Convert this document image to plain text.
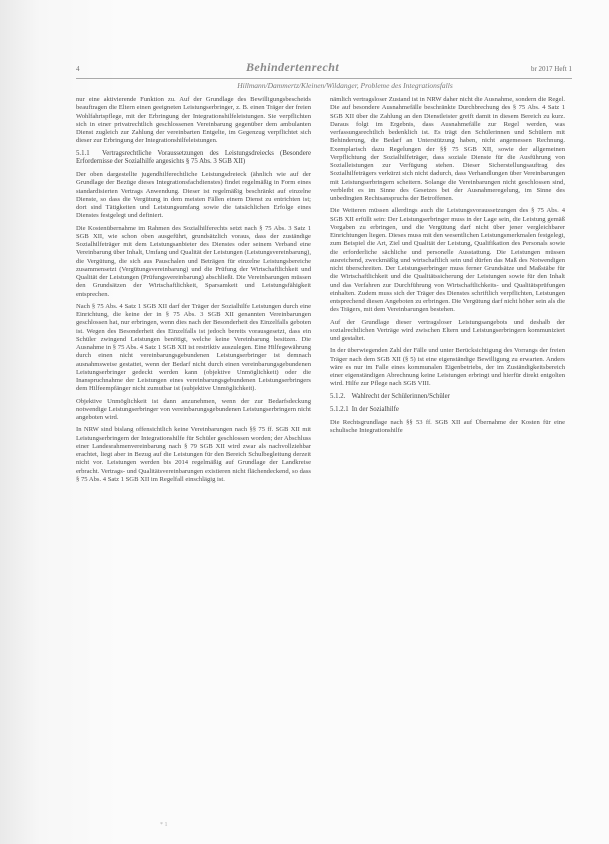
4	Behindertenrecht	br 2017 Heft 1
Hillmann/Dammertz/Kleinen/Wildanger, Probleme des Integrationsfalls

nur eine aktivierende Funktion zu. Auf der Grundlage des Bewilligungsbescheids beauftragen die Eltern einen geeigneten Leistungserbringer, z. B. einen Träger der freien Wohlfahrtspflege, mit der Erbringung der Integrationshilfeleistungen. Sie verpflichten sich in einer privatrechtlich geschlossenen Vereinbarung gegenüber dem ambulanten Dienst zugleich zur Zahlung der vereinbarten Entgelte, im Gegenzug verpflichtet sich dieser zur Erbringung der Integrationshilfeleistungen.

5.1.1 Vertragsrechtliche Voraussetzungen des Leistungsdreiecks (Besondere Erfordernisse der Sozialhilfe angesichts § 75 Abs. 3 SGB XII)

Der oben dargestellte jugendhilferechtliche Leistungsdreieck (ähnlich wie auf der Grundlage der Bezüge dieses Integrationsfachdienstes) findet regelmäßig in Form eines standardisierten Vertrags Anwendung. Dieser ist regelmäßig beschränkt auf einzelne Dienste, so dass die Vergütung in dem meisten Fällen einem Dienst zu entrichten ist; dort sind Tätigkeiten und Leistungsumfang sowie die tatsächlichen Erfolge eines Dienstes festgelegt und definiert.

Die Kostenübernahme im Rahmen des Sozialhilferechts setzt nach § 75 Abs. 3 Satz 1 SGB XII, wie schon oben ausgeführt, grundsätzlich voraus, dass der zuständige Sozialhilfeträger mit dem Leistungsanbieter des Dienstes oder seinem Verband eine Vereinbarung über Inhalt, Umfang und Qualität der Leistungen (Leistungsvereinbarung), die Vergütung, die sich aus Pauschalen und Beträgen für einzelne Leistungsbereiche zusammensetzt (Vergütungsvereinbarung) und die Prüfung der Wirtschaftlichkeit und Qualität der Leistungen (Prüfungsvereinbarung) abschließt. Die Vereinbarungen müssen den Grundsätzen der Wirtschaftlichkeit, Sparsamkeit und Leistungsfähigkeit entsprechen.

Nach § 75 Abs. 4 Satz 1 SGB XII darf der Träger der Sozialhilfe Leistungen durch eine Einrichtung, die keine der in § 75 Abs. 3 SGB XII genannten Vereinbarungen geschlossen hat, nur erbringen, wenn dies nach der Besonderheit des Einzelfalls geboten ist. Wegen des Besonderheit des Einzelfalls ist jedoch bereits vorausgesetzt, dass ein Schüler zwingend Leistungen benötigt, welche keine Vereinbarung besitzen. Die Ausnahme in § 75 Abs. 4 Satz 1 SGB XII ist restriktiv auszulegen. Eine Hilfegewährung durch einen nicht vereinbarungsgebundenen Leistungserbringer ist demnach ausnahmsweise gestattet, wenn der Bedarf nicht durch einen vereinbarungsgebundenen Leistungserbringer gedeckt werden kann (objektive Unmöglichkeit) oder die Inanspruchnahme der Leistungen eines vereinbarungsgebundenen Leistungserbringers dem Hilfeempfänger nicht zumutbar ist (subjektive Unmöglichkeit).

Objektive Unmöglichkeit ist dann anzunehmen, wenn der zur Bedarfsdeckung notwendige Leistungserbringer von vereinbarungsgebundenen Leistungserbringern nicht angeboten wird.

In NRW sind bislang offensichtlich keine Vereinbarungen nach §§ 75 ff. SGB XII mit Leistungserbringern der Integrationshilfe für Schüler geschlossen worden; der Abschluss einer Landesrahmenvereinbarung nach § 79 SGB XII wird zwar als nachvollziehbar erachtet, liegt aber in Bezug auf die Leistungen für den Bereich Schulbegleitung derzeit nicht vor. Leistungen werden bis 2014 regelmäßig auf Grundlage der Landkreise erbracht. Vertrags- und Qualitätsvereinbarungen existieren nicht flächendeckend, so dass § 75 Abs. 4 Satz 1 SGB XII im Regelfall einschlägig ist.

nämlich vertragsloser Zustand ist in NRW daher nicht die Ausnahme, sondern die Regel. Die auf besondere Ausnahmefälle beschränkte Durchbrechung des § 75 Abs. 4 Satz 1 SGB XII über die Zahlung an den Dienstleister greift damit in diesem Bereich zu kurz. Daraus folgt im Ergebnis, dass Ausnahmefälle zur Regel werden, was verfassungsrechtlich bedenklich ist. Es trägt den Schülerinnen und Schülern mit Behinderung, die Bedarf an Unterstützung haben, nicht angemessen Rechnung. Exemplarisch dazu Regelungen der §§ 75 SGB XII, sowie der allgemeinen Verpflichtung der Sozialhilfeträger, dass soziale Dienste für die Ausführung von Sozialleistungen zur Verfügung stehen. Dieser Sicherstellungsauftrag des Sozialhilfeträgers verkürzt sich nicht dadurch, dass Verhandlungen über Vereinbarungen mit Leistungserbringern scheitern. Solange die Vereinbarungen nicht geschlossen sind, verbleibt es im Sinne des Gesetzes bei der Ausnahmeregelung, im Sinne des unbedingten Rechtsanspruchs der Betroffenen.

Die Weiteren müssen allerdings auch die Leistungsvoraussetzungen des § 75 Abs. 4 SGB XII erfüllt sein: Der Leistungserbringer muss in der Lage sein, die Leistung gemäß Vorgaben zu erbringen, und die Vergütung darf nicht über jener vergleichbarer Einrichtungen liegen. Dieses muss mit den wesentlichen Leistungsmerkmalen festgelegt, zum Beispiel die Art, Ziel und Qualität der Leistung, Qualifikation des Personals sowie die erforderliche sächliche und personelle Ausstattung. Die Leistungen müssen ausreichend, zweckmäßig und wirtschaftlich sein und dürfen das Maß des Notwendigen nicht überschreiten. Der Leistungserbringer muss ferner Grundsätze und Maßstäbe für die Wirtschaftlichkeit und die Qualitätssicherung der Leistungen sowie für den Inhalt und das Verfahren zur Durchführung von Wirtschaftlichkeits- und Qualitätsprüfungen einhalten. Zudem muss sich der Träger des Dienstes schriftlich verpflichten, Leistungen entsprechend diesen Angeboten zu erbringen. Die Vergütung darf nicht höher sein als die des Trägers, mit dem Vereinbarungen bestehen.

Auf der Grundlage dieser vertragsloser Leistungsangebots und deshalb der sozialrechtlichen Verträge wird zwischen Eltern und Leistungserbringern kommuniziert und gestaltet.

In der überwiegenden Zahl der Fälle und unter Berücksichtigung des Vorrangs der freien Träger nach dem SGB XII (§ 5) ist eine eigenständige Bewilligung zu erwarten. Anders wäre es nur im Falle eines kommunalen Eigenbetriebs, der im Zuständigkeitsbereich einer eigenständigen Abrechnung keine Leistungen erbringt und hierfür direkt entgolten wird. Hilfe zur Pflege nach SGB VIII.

5.1.2. Wahlrecht der Schülerinnen/Schüler
5.1.2.1 In der Sozialhilfe

Die Rechtsgrundlage nach §§ 53 ff. SGB XII auf Übernahme der Kosten für eine schulische Integrationshilfe

* 1
